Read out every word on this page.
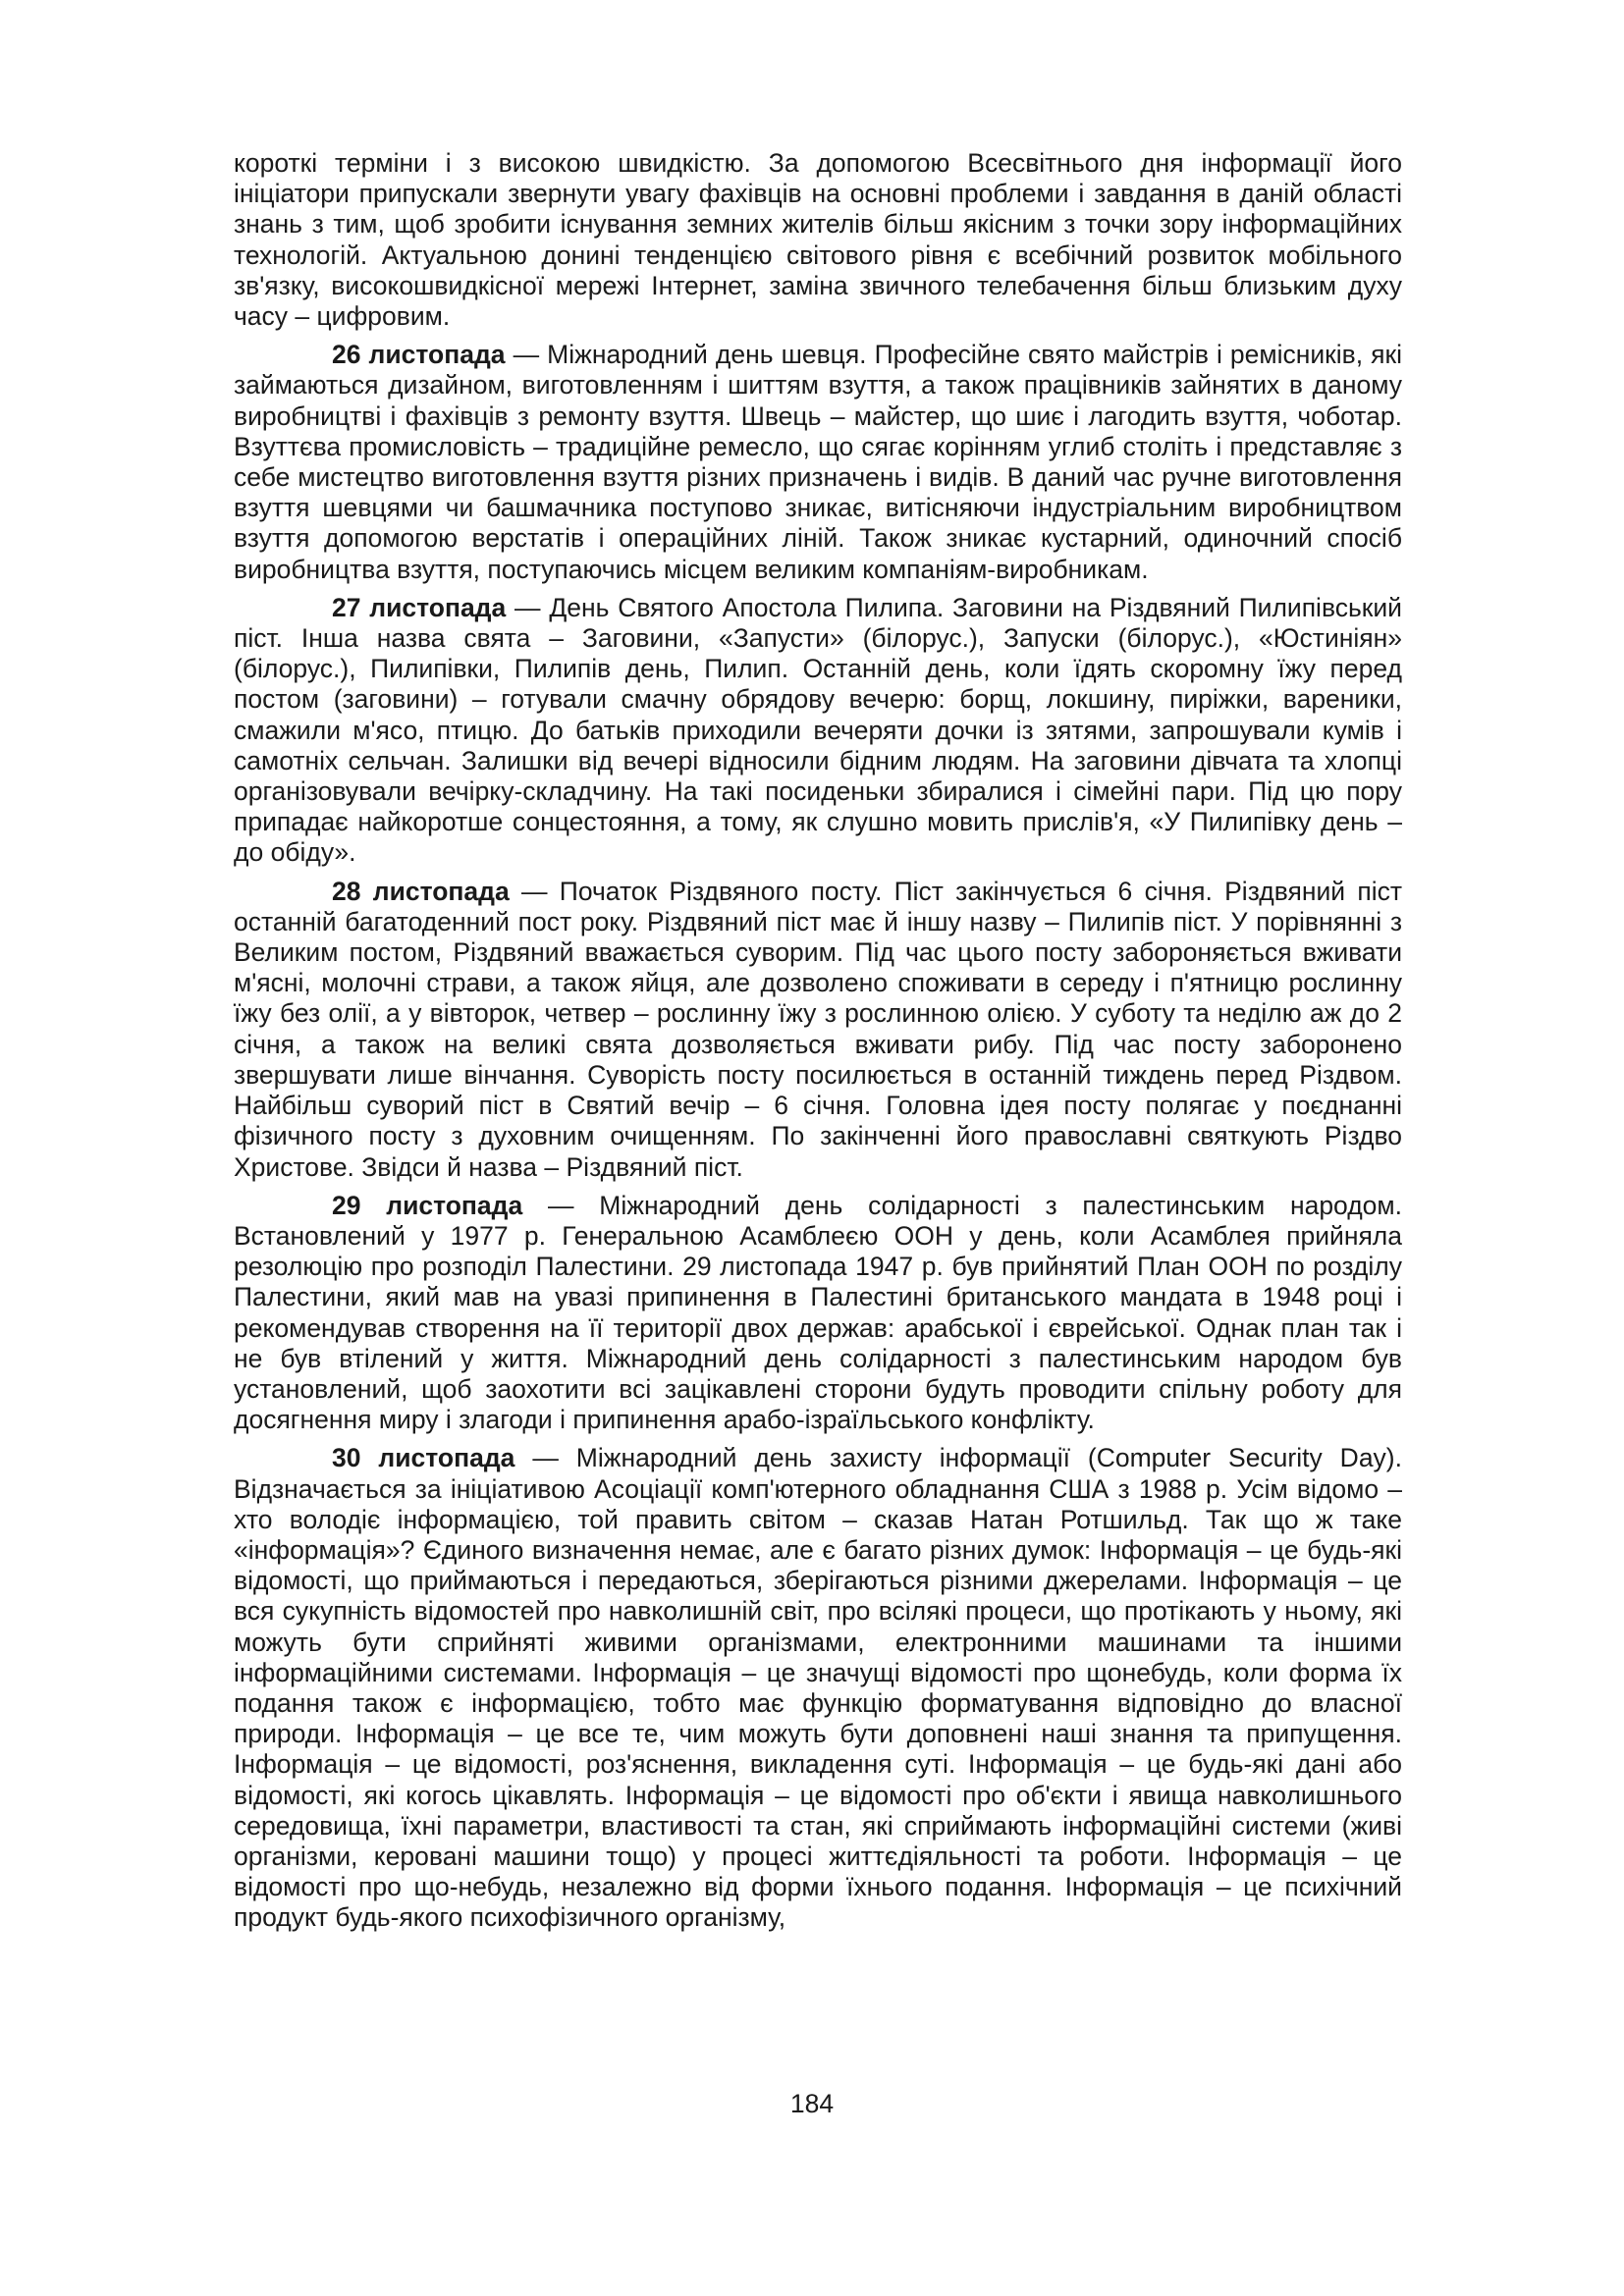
короткі терміни і з високою швидкістю. За допомогою Всесвітнього дня інформації його ініціатори припускали звернути увагу фахівців на основні проблеми і завдання в даній області знань з тим, щоб зробити існування земних жителів більш якісним з точки зору інформаційних технологій. Актуальною донині тенденцією світового рівня є всебічний розвиток мобільного зв'язку, високошвидкісної мережі Інтернет, заміна звичного телебачення більш близьким духу часу – цифровим.

26 листопада — Міжнародний день шевця. Професійне свято майстрів і ремісників, які займаються дизайном, виготовленням і шиттям взуття, а також працівників зайнятих в даному виробництві і фахівців з ремонту взуття. Швець – майстер, що шиє і лагодить взуття, чоботар. Взуттєва промисловість – традиційне ремесло, що сягає корінням углиб століть і представляє з себе мистецтво виготовлення взуття різних призначень і видів. В даний час ручне виготовлення взуття шевцями чи башмачника поступово зникає, витісняючи індустріальним виробництвом взуття допомогою верстатів і операційних ліній. Також зникає кустарний, одиночний спосіб виробництва взуття, поступаючись місцем великим компаніям-виробникам.

27 листопада — День Святого Апостола Пилипа. Заговини на Різдвяний Пилипівський піст. Інша назва свята – Заговини, «Запусти» (білорус.), Запуски (білорус.), «Юстиніян» (білорус.), Пилипівки, Пилипів день, Пилип. Останній день, коли їдять скоромну їжу перед постом (заговини) – готували смачну обрядову вечерю: борщ, локшину, пиріжки, вареники, смажили м'ясо, птицю. До батьків приходили вечеряти дочки із зятями, запрошували кумів і самотніх сельчан. Залишки від вечері відносили бідним людям. На заговини дівчата та хлопці організовували вечірку-складчину. На такі посиденьки збиралися і сімейні пари. Під цю пору припадає найкоротше сонцестояння, а тому, як слушно мовить прислів'я, «У Пилипівку день – до обіду».

28 листопада — Початок Різдвяного посту. Піст закінчується 6 січня. Різдвяний піст останній багатоденний пост року. Різдвяний піст має й іншу назву – Пилипів піст. У порівнянні з Великим постом, Різдвяний вважається суворим. Під час цього посту забороняється вживати м'ясні, молочні страви, а також яйця, але дозволено споживати в середу і п'ятницю рослинну їжу без олії, а у вівторок, четвер – рослинну їжу з рослинною олією. У суботу та неділю аж до 2 січня, а також на великі свята дозволяється вживати рибу. Під час посту заборонено звершувати лише вінчання. Суворість посту посилюється в останній тиждень перед Різдвом. Найбільш суворий піст в Святий вечір – 6 січня. Головна ідея посту полягає у поєднанні фізичного посту з духовним очищенням. По закінченні його православні святкують Різдво Христове. Звідси й назва – Різдвяний піст.

29 листопада — Міжнародний день солідарності з палестинським народом. Встановлений у 1977 р. Генеральною Асамблеєю ООН у день, коли Асамблея прийняла резолюцію про розподіл Палестини. 29 листопада 1947 р. був прийнятий План ООН по розділу Палестини, який мав на увазі припинення в Палестині британського мандата в 1948 році і рекомендував створення на її території двох держав: арабської і єврейської. Однак план так і не був втілений у життя. Міжнародний день солідарності з палестинським народом був установлений, щоб заохотити всі зацікавлені сторони будуть проводити спільну роботу для досягнення миру і злагоди і припинення арабо-ізраїльського конфлікту.

30 листопада — Міжнародний день захисту інформації (Computer Security Day). Відзначається за ініціативою Асоціації комп'ютерного обладнання США з 1988 р. Усім відомо – хто володіє інформацією, той править світом – сказав Натан Ротшильд. Так що ж таке «інформація»? Єдиного визначення немає, але є багато різних думок: Інформація – це будь-які відомості, що приймаються і передаються, зберігаються різними джерелами. Інформація – це вся сукупність відомостей про навколишній світ, про всілякі процеси, що протікають у ньому, які можуть бути сприйняті живими організмами, електронними машинами та іншими інформаційними системами. Інформація – це значущі відомості про щонебудь, коли форма їх подання також є інформацією, тобто має функцію форматування відповідно до власної природи. Інформація – це все те, чим можуть бути доповнені наші знання та припущення. Інформація – це відомості, роз'яснення, викладення суті. Інформація – це будь-які дані або відомості, які когось цікавлять. Інформація – це відомості про об'єкти і явища навколишнього середовища, їхні параметри, властивості та стан, які сприймають інформаційні системи (живі організми, керовані машини тощо) у процесі життєдіяльності та роботи. Інформація – це відомості про що-небудь, незалежно від форми їхнього подання. Інформація – це психічний продукт будь-якого психофізичного організму,

184
